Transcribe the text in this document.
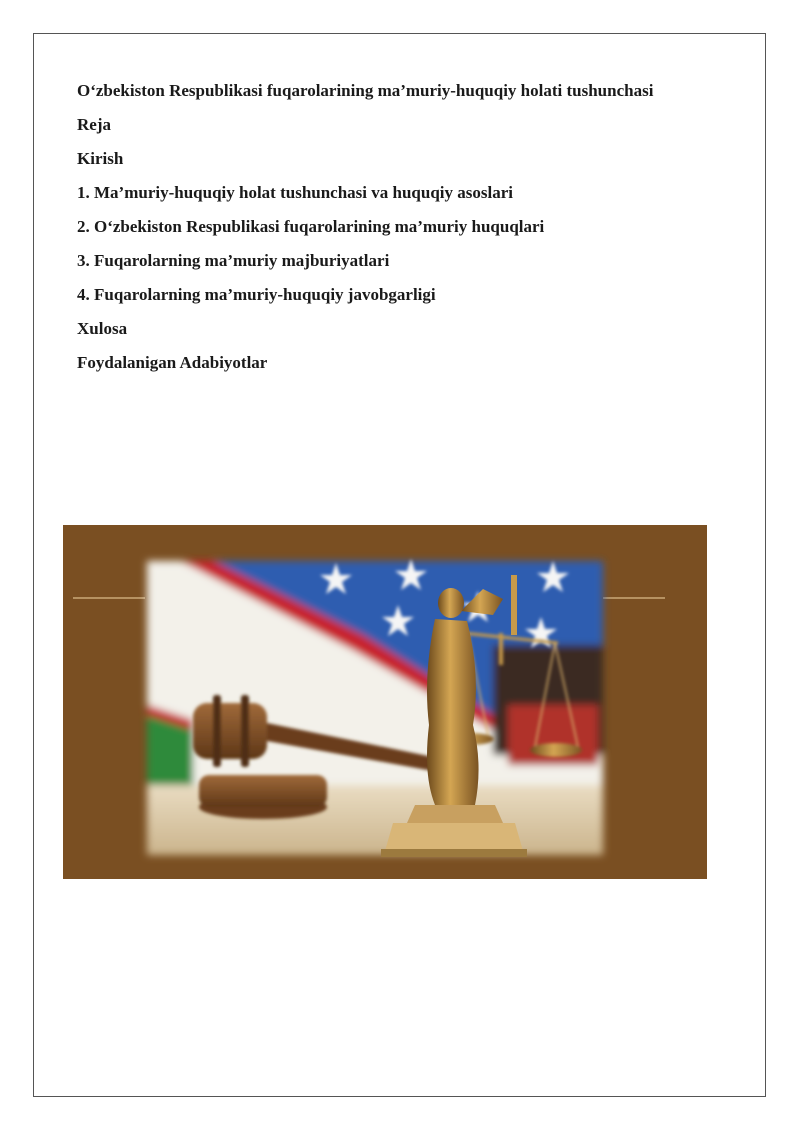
O‘zbekiston Respublikasi fuqarolarining ma’muriy-huquqiy holati tushunchasi
Reja
Kirish
1. Ma’muriy-huquqiy holat tushunchasi va huquqiy asoslari
2. O‘zbekiston Respublikasi fuqarolarining ma’muriy huquqlari
3. Fuqarolarning ma’muriy majburiyatlari
4. Fuqarolarning ma’muriy-huquqiy javobgarligi
Xulosa
Foydalanigan Adabiyotlar
